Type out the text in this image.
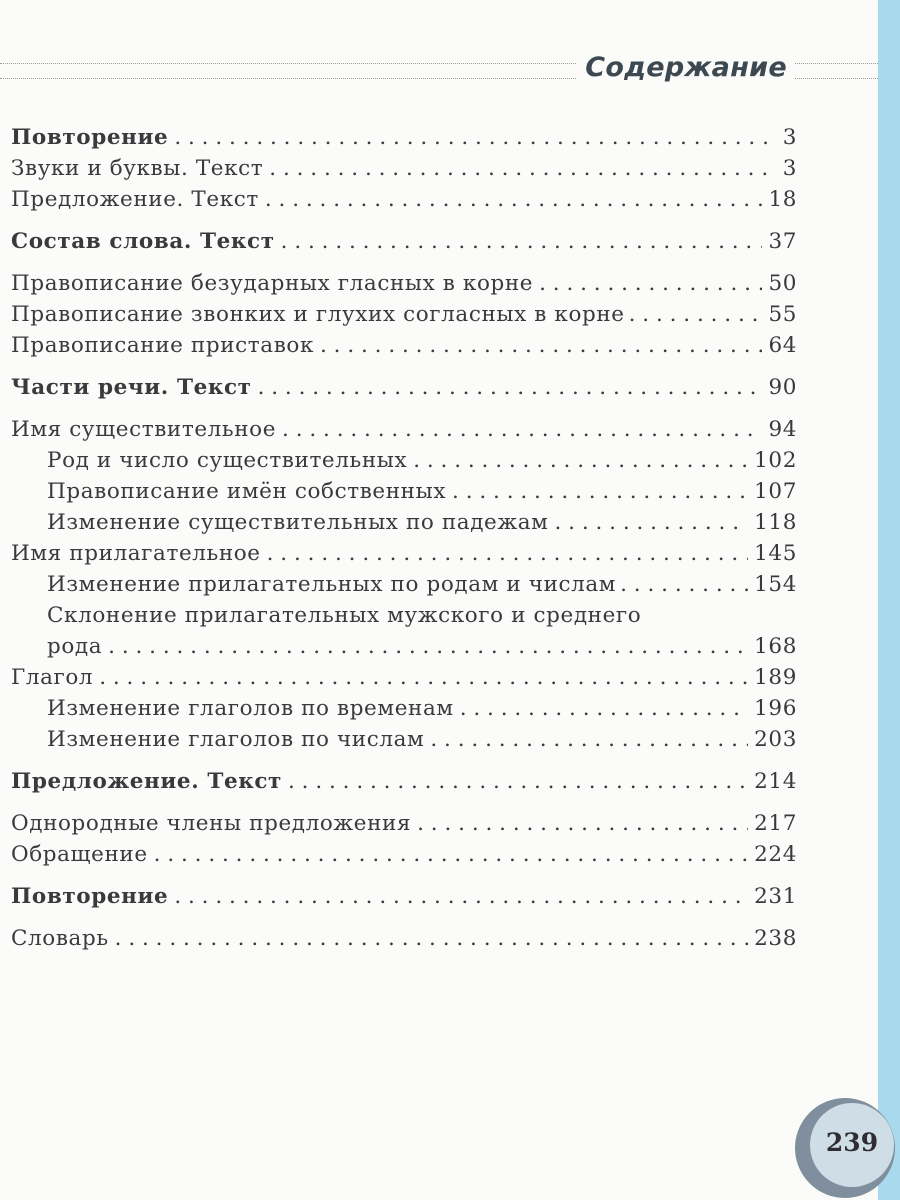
Содержание
Повторение . . .	3
Звуки и буквы. Текст . . .	3
Предложение. Текст . . .	18
Состав слова. Текст . . .	37
Правописание безударных гласных в корне . . .	50
Правописание звонких и глухих согласных в корне . . .	55
Правописание приставок . . .	64
Части речи. Текст . . .	90
Имя существительное . . .	94
Род и число существительных . . .	102
Правописание имён собственных . . .	107
Изменение существительных по падежам . . .	118
Имя прилагательное . . .	145
Изменение прилагательных по родам и числам . . .	154
Склонение прилагательных мужского и среднего
рода . . .	168
Глагол . . .	189
Изменение глаголов по временам . . .	196
Изменение глаголов по числам . . .	203
Предложение. Текст . . .	214
Однородные члены предложения . . .	217
Обращение . . .	224
Повторение . . .	231
Словарь . . .	238
239
